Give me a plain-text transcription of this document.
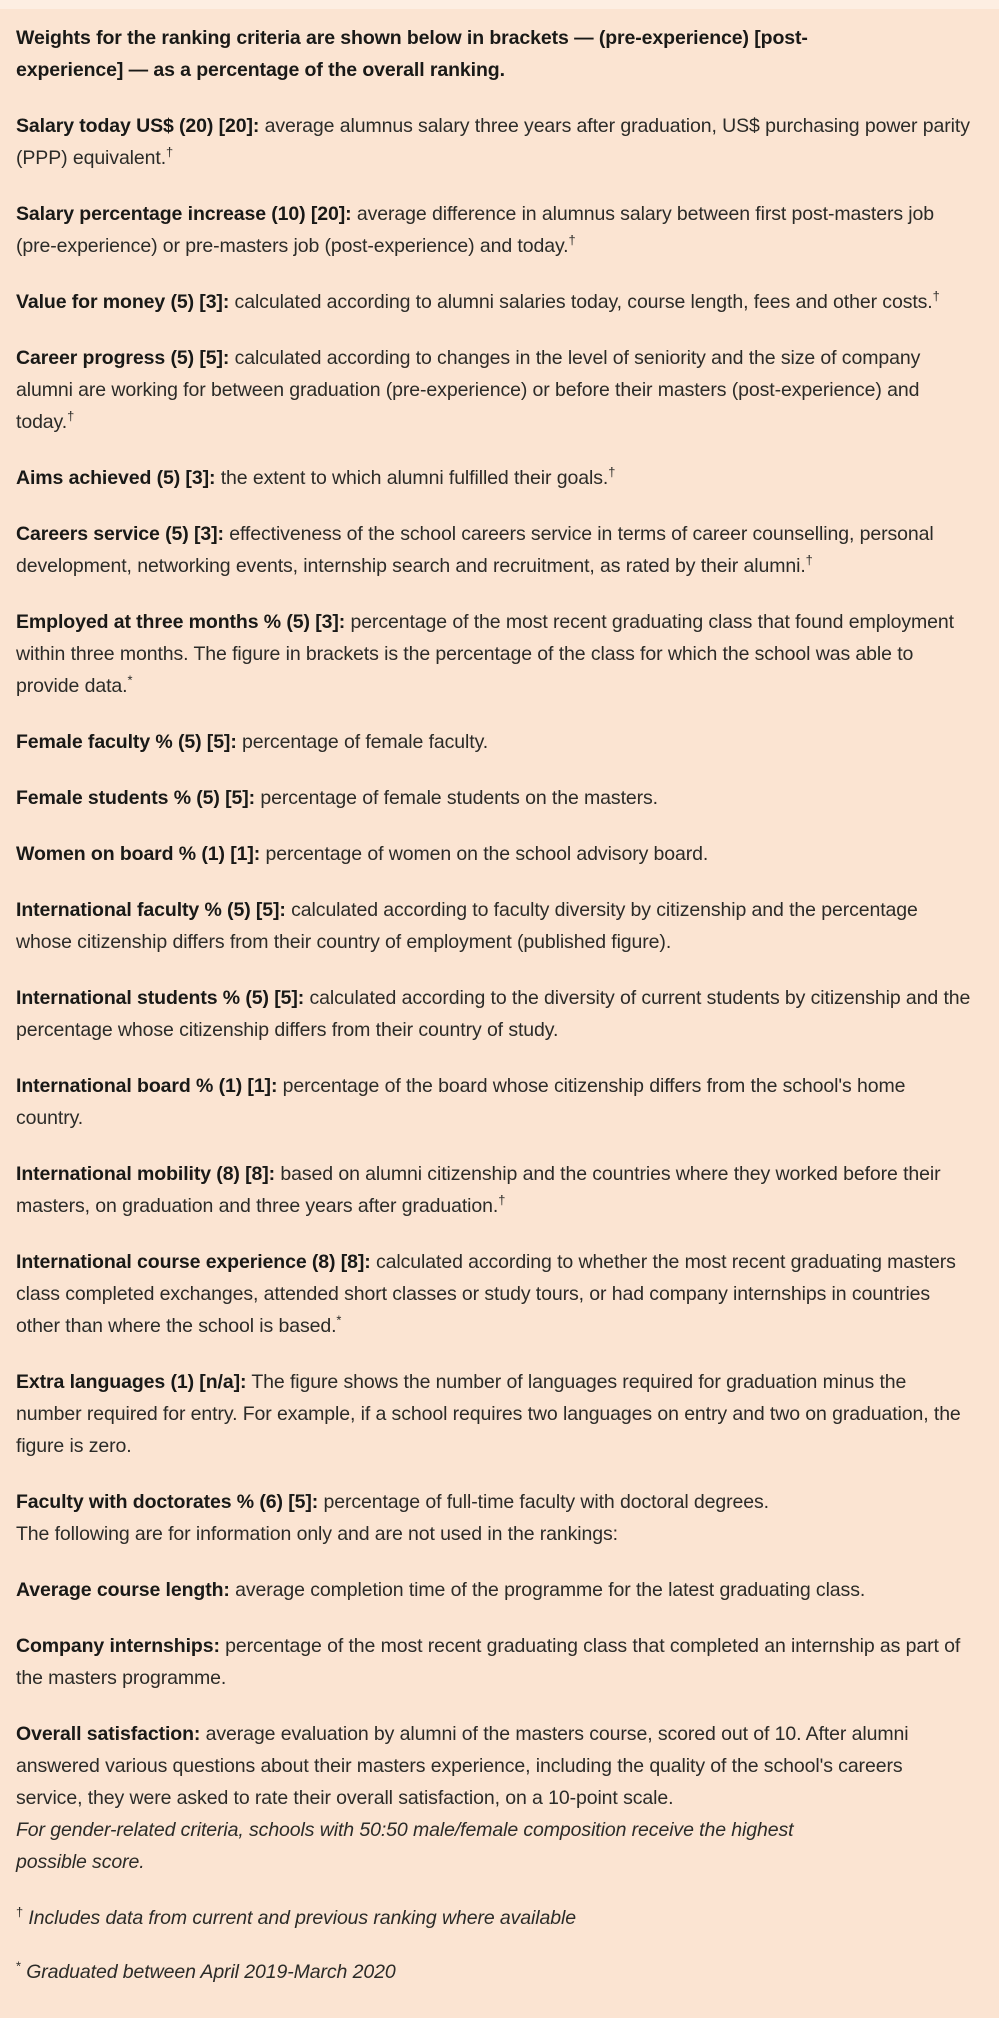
Weights for the ranking criteria are shown below in brackets — (pre-experience) [post-experience] — as a percentage of the overall ranking.

Salary today US$ (20) [20]: average alumnus salary three years after graduation, US$ purchasing power parity (PPP) equivalent.†

Salary percentage increase (10) [20]: average difference in alumnus salary between first post-masters job (pre-experience) or pre-masters job (post-experience) and today.†

Value for money (5) [3]: calculated according to alumni salaries today, course length, fees and other costs.†

Career progress (5) [5]: calculated according to changes in the level of seniority and the size of company alumni are working for between graduation (pre-experience) or before their masters (post-experience) and today.†

Aims achieved (5) [3]: the extent to which alumni fulfilled their goals.†

Careers service (5) [3]: effectiveness of the school careers service in terms of career counselling, personal development, networking events, internship search and recruitment, as rated by their alumni.†

Employed at three months % (5) [3]: percentage of the most recent graduating class that found employment within three months. The figure in brackets is the percentage of the class for which the school was able to provide data.*

Female faculty % (5) [5]: percentage of female faculty.

Female students % (5) [5]: percentage of female students on the masters.

Women on board % (1) [1]: percentage of women on the school advisory board.

International faculty % (5) [5]: calculated according to faculty diversity by citizenship and the percentage whose citizenship differs from their country of employment (published figure).

International students % (5) [5]: calculated according to the diversity of current students by citizenship and the percentage whose citizenship differs from their country of study.

International board % (1) [1]: percentage of the board whose citizenship differs from the school's home country.

International mobility (8) [8]: based on alumni citizenship and the countries where they worked before their masters, on graduation and three years after graduation.†

International course experience (8) [8]: calculated according to whether the most recent graduating masters class completed exchanges, attended short classes or study tours, or had company internships in countries other than where the school is based.*

Extra languages (1) [n/a]: The figure shows the number of languages required for graduation minus the number required for entry. For example, if a school requires two languages on entry and two on graduation, the figure is zero.

Faculty with doctorates % (6) [5]: percentage of full-time faculty with doctoral degrees.

The following are for information only and are not used in the rankings:

Average course length: average completion time of the programme for the latest graduating class.

Company internships: percentage of the most recent graduating class that completed an internship as part of the masters programme.

Overall satisfaction: average evaluation by alumni of the masters course, scored out of 10. After alumni answered various questions about their masters experience, including the quality of the school's careers service, they were asked to rate their overall satisfaction, on a 10-point scale.

For gender-related criteria, schools with 50:50 male/female composition receive the highest possible score.

† Includes data from current and previous ranking where available

* Graduated between April 2019-March 2020
